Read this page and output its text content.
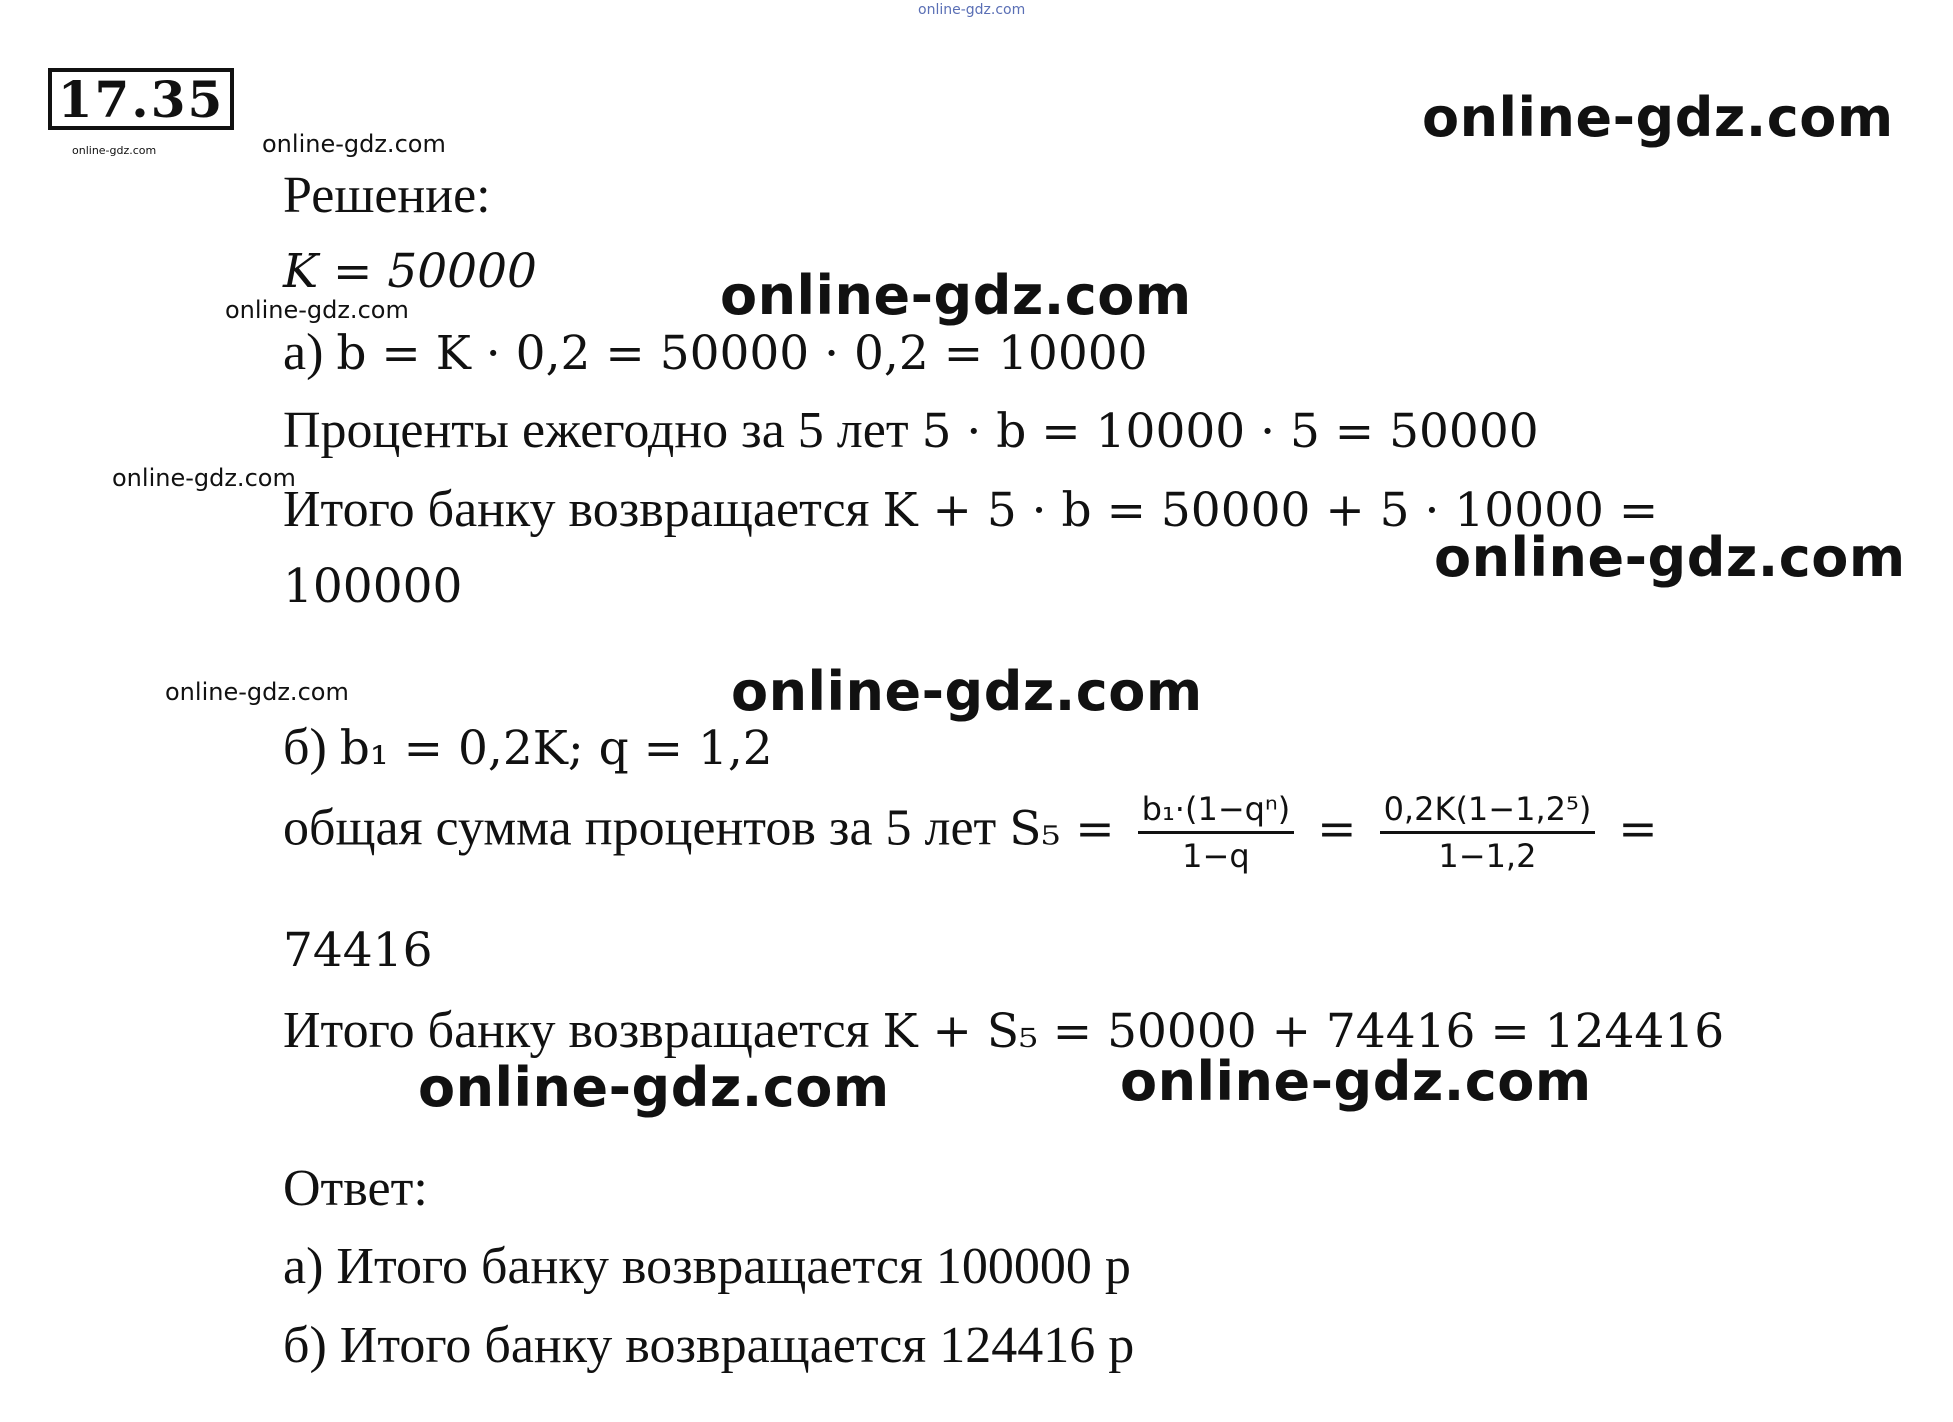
online-gdz.com
online-gdz.com	online-gdz.com	online-gdz.com
online-gdz.com	online-gdz.com
online-gdz.com
online-gdz.com
online-gdz.com	online-gdz.com
online-gdz.com	online-gdz.com
17.35
Решение:
K = 50000
а) b = K · 0,2 = 50000 · 0,2 = 10000
Проценты ежегодно за 5 лет 5 · b = 10000 · 5 = 50000
Итого банку возвращается K + 5 · b = 50000 + 5 · 10000 =
100000
б) b₁ = 0,2K; q = 1,2
общая сумма процентов за 5 лет $S_5 = \frac{\text{b₁·(1−qⁿ)}}{1-q} = \frac{\text{0,2K(1−1,2⁵)}}{1-1,2}$ =
74416
Итого банку возвращается K + S₅ = 50000 + 74416 = 124416
Ответ:
а) Итого банку возвращается 100000 р
б) Итого банку возвращается 124416 р
